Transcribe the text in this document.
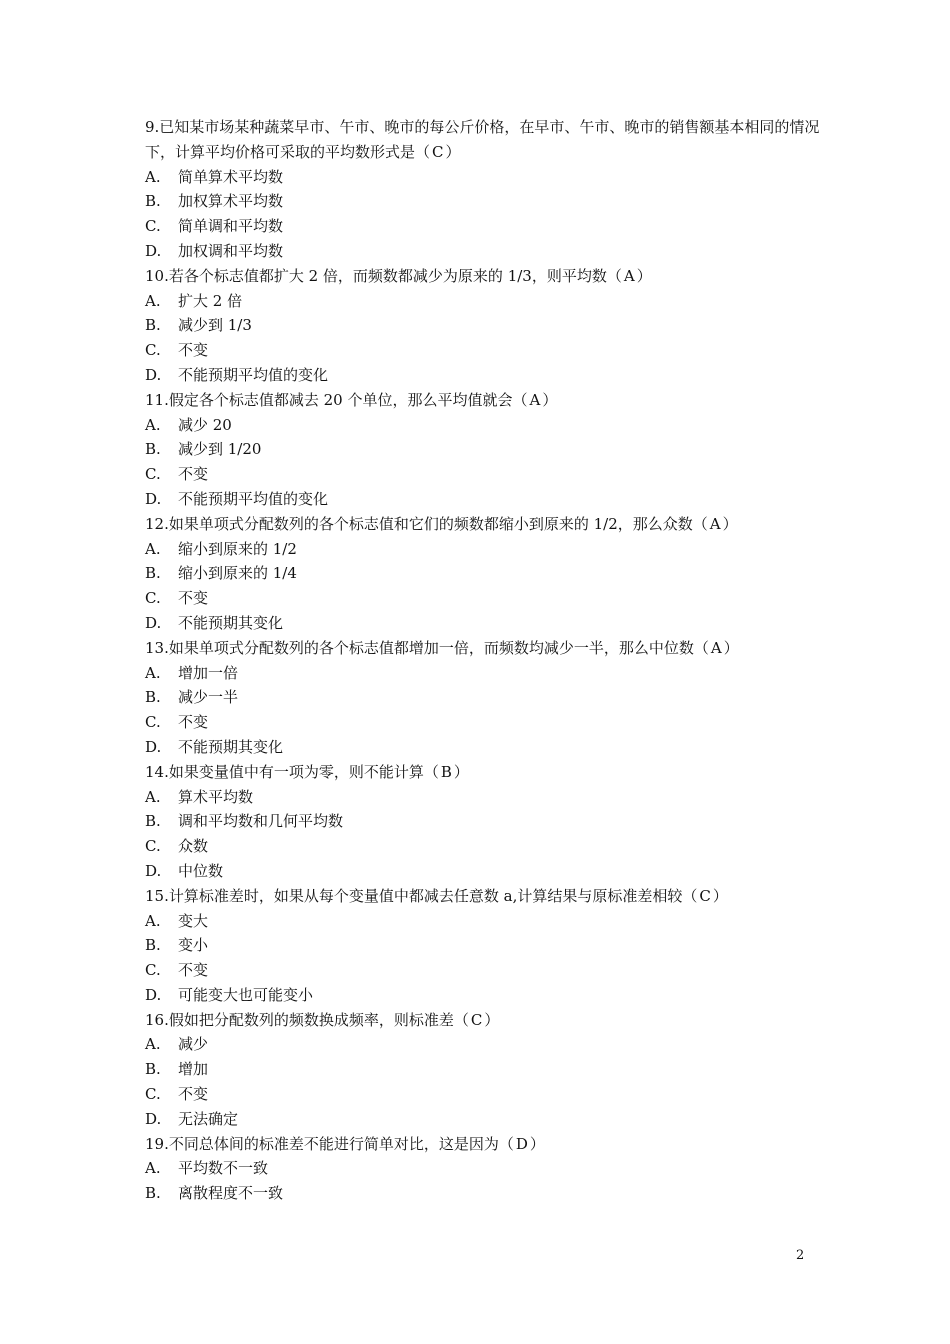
9.已知某市场某种蔬菜早市、午市、晚市的每公斤价格，在早市、午市、晚市的销售额基本相同的情况下，计算平均价格可采取的平均数形式是（ C ）
A. 简单算术平均数
B. 加权算术平均数
C. 简单调和平均数
D. 加权调和平均数
10.若各个标志值都扩大 2 倍，而频数都减少为原来的 1/3，则平均数（ A ）
A. 扩大 2 倍
B. 减少到 1/3
C. 不变
D. 不能预期平均值的变化
11.假定各个标志值都减去 20 个单位，那么平均值就会（ A ）
A. 减少 20
B. 减少到 1/20
C. 不变
D. 不能预期平均值的变化
12.如果单项式分配数列的各个标志值和它们的频数都缩小到原来的 1/2，那么众数（ A ）
A. 缩小到原来的 1/2
B. 缩小到原来的 1/4
C. 不变
D. 不能预期其变化
13.如果单项式分配数列的各个标志值都增加一倍，而频数均减少一半，那么中位数（ A ）
A. 增加一倍
B. 减少一半
C. 不变
D. 不能预期其变化
14.如果变量值中有一项为零，则不能计算（ B ）
A. 算术平均数
B. 调和平均数和几何平均数
C. 众数
D. 中位数
15.计算标准差时，如果从每个变量值中都减去任意数 a,计算结果与原标准差相较（ C ）
A. 变大
B. 变小
C. 不变
D. 可能变大也可能变小
16.假如把分配数列的频数换成频率，则标准差（ C ）
A. 减少
B. 增加
C. 不变
D. 无法确定
19.不同总体间的标准差不能进行简单对比，这是因为（ D ）
A. 平均数不一致
B. 离散程度不一致
2
